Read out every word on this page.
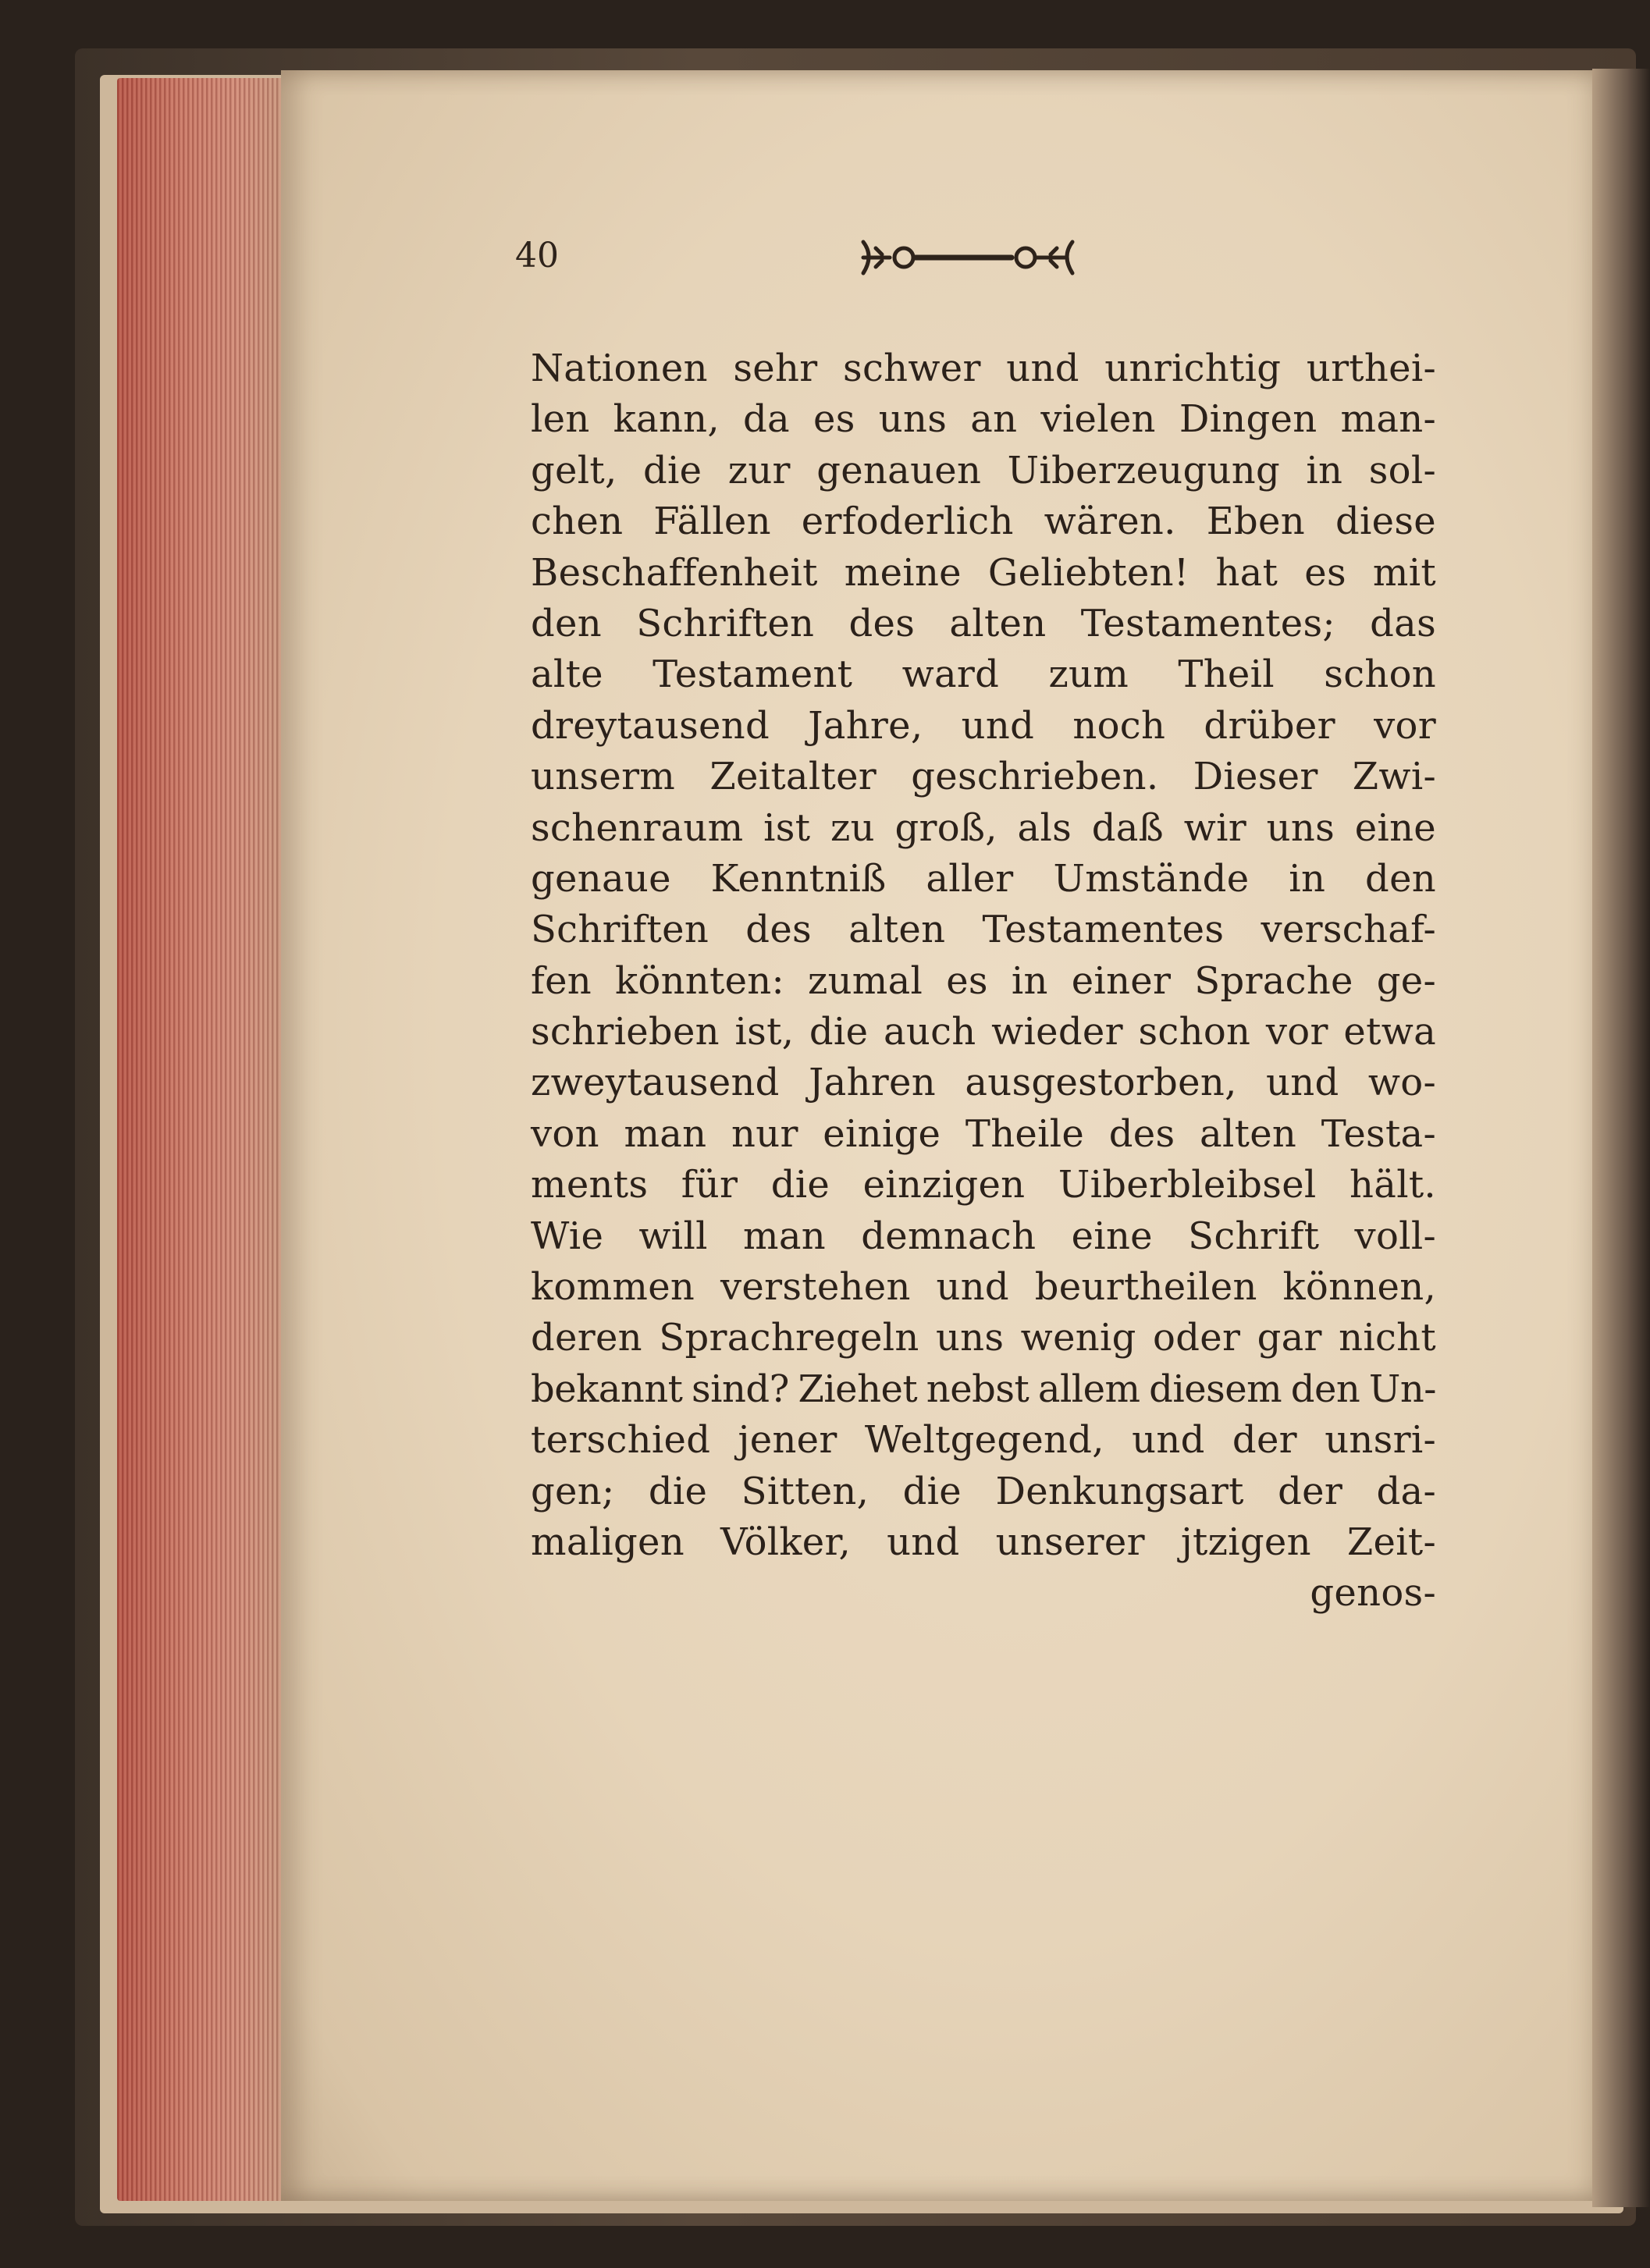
40
Nationen sehr schwer und unrichtig urthei-
len kann, da es uns an vielen Dingen man-
gelt, die zur genauen Uiberzeugung in sol-
chen Fällen erfoderlich wären. Eben diese
Beschaffenheit meine Geliebten! hat es mit
den Schriften des alten Testamentes; das
alte Testament ward zum Theil schon
dreytausend Jahre, und noch drüber vor
unserm Zeitalter geschrieben. Dieser Zwi-
schenraum ist zu groß, als daß wir uns eine
genaue Kenntniß aller Umstände in den
Schriften des alten Testamentes verschaf-
fen könnten: zumal es in einer Sprache ge-
schrieben ist, die auch wieder schon vor etwa
zweytausend Jahren ausgestorben, und wo-
von man nur einige Theile des alten Testa-
ments für die einzigen Uiberbleibsel hält.
Wie will man demnach eine Schrift voll-
kommen verstehen und beurtheilen können,
deren Sprachregeln uns wenig oder gar nicht
bekannt sind? Ziehet nebst allem diesem den Un-
terschied jener Weltgegend, und der unsri-
gen; die Sitten, die Denkungsart der da-
maligen Völker, und unserer jtzigen Zeit-
genos-
